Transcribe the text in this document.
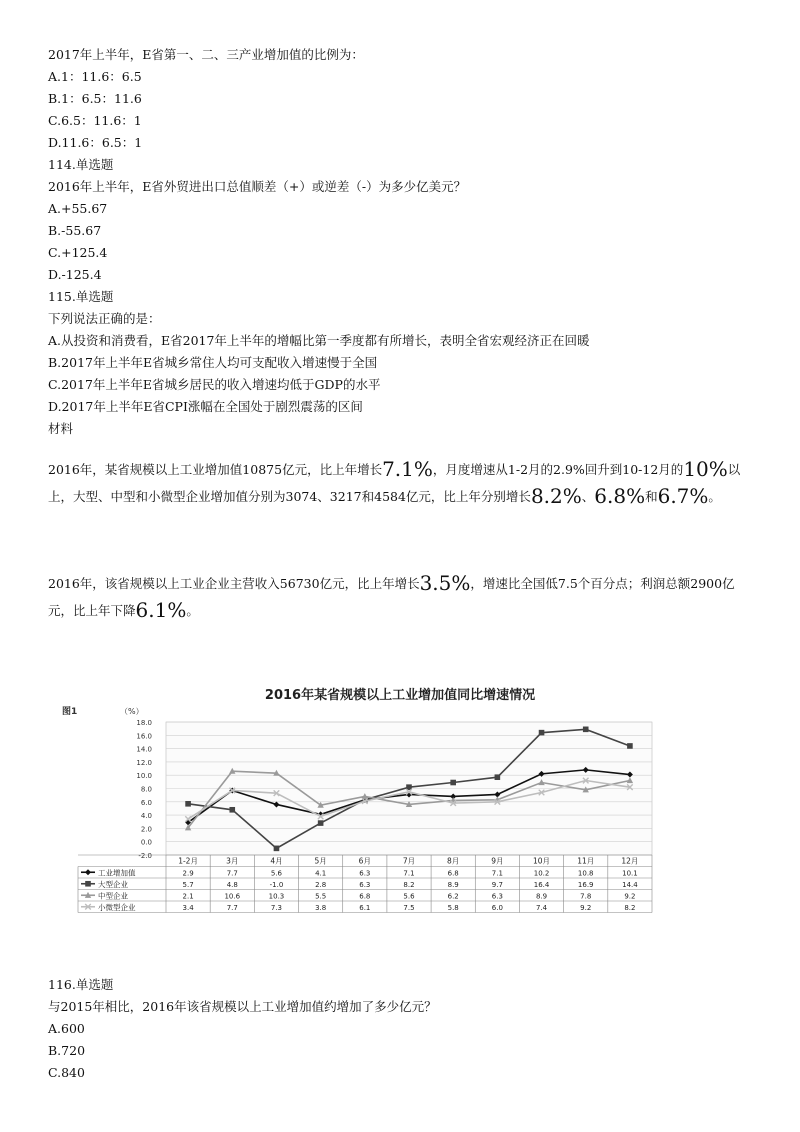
2017年上半年，E省第一、二、三产业增加值的比例为：
A.1：11.6：6.5
B.1：6.5：11.6
C.6.5：11.6：1
D.11.6：6.5：1
114.单选题
2016年上半年，E省外贸进出口总值顺差（+）或逆差（-）为多少亿美元？
A.+55.67
B.-55.67
C.+125.4
D.-125.4
115.单选题
下列说法正确的是：
A.从投资和消费看，E省2017年上半年的增幅比第一季度都有所增长，表明全省宏观经济正在回暖
B.2017年上半年E省城乡常住人均可支配收入增速慢于全国
C.2017年上半年E省城乡居民的收入增速均低于GDP的水平
D.2017年上半年E省CPI涨幅在全国处于剧烈震荡的区间
材料
2016年，某省规模以上工业增加值10875亿元，比上年增长7.1%，月度增速从1-2月的2.9%回升到10-12月的10%以上，大型、中型和小微型企业增加值分别为3074、3217和4584亿元，比上年分别增长8.2%、6.8%和6.7%。
2016年，该省规模以上工业企业主营收入56730亿元，比上年增长3.5%，增速比全国低7.5个百分点；利润总额2900亿元，比上年下降6.1%。
2016年某省规模以上工业增加值同比增速情况
图1	（%）
18.0
16.0
14.0
12.0
10.0
8.0
6.0
4.0
2.0
0.0
-2.0
1-2月	3月	4月	5月	6月	7月	8月	9月	10月	11月	12月
工业增加值	2.9	7.7	5.6	4.1	6.3	7.1	6.8	7.1	10.2	10.8	10.1
大型企业	5.7	4.8	-1.0	2.8	6.3	8.2	8.9	9.7	16.4	16.9	14.4
中型企业	2.1	10.6	10.3	5.5	6.8	5.6	6.2	6.3	8.9	7.8	9.2
小微型企业	3.4	7.7	7.3	3.8	6.1	7.5	5.8	6.0	7.4	9.2	8.2
116.单选题
与2015年相比，2016年该省规模以上工业增加值约增加了多少亿元？
A.600
B.720
C.840
